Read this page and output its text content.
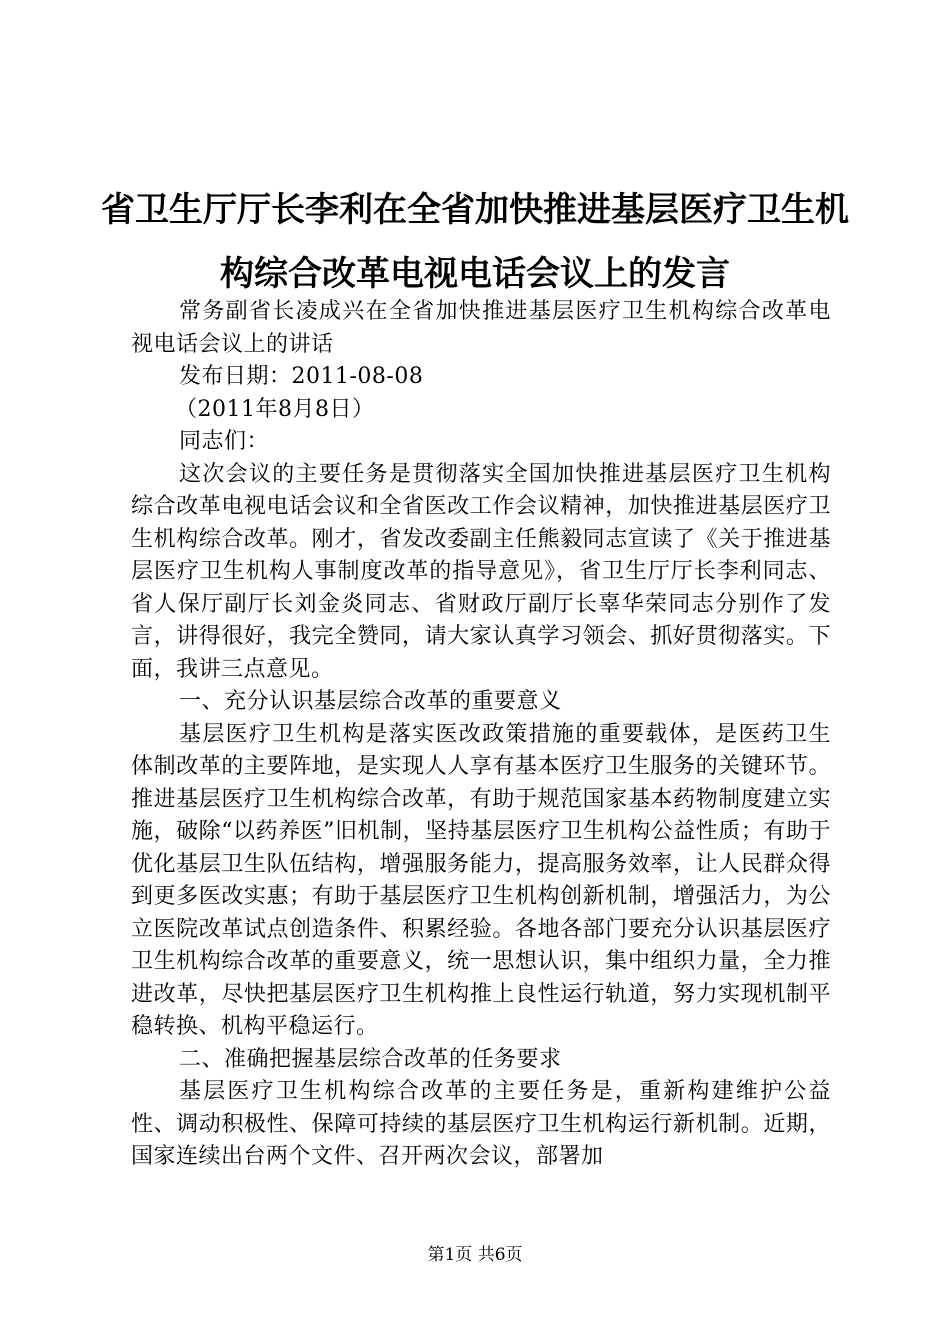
省卫生厅厅长李利在全省加快推进基层医疗卫生机构综合改革电视电话会议上的发言

常务副省长凌成兴在全省加快推进基层医疗卫生机构综合改革电视电话会议上的讲话

发布日期：2011-08-08

（2011年8月8日）

同志们：

这次会议的主要任务是贯彻落实全国加快推进基层医疗卫生机构综合改革电视电话会议和全省医改工作会议精神，加快推进基层医疗卫生机构综合改革。刚才，省发改委副主任熊毅同志宣读了《关于推进基层医疗卫生机构人事制度改革的指导意见》，省卫生厅厅长李利同志、省人保厅副厅长刘金炎同志、省财政厅副厅长辜华荣同志分别作了发言，讲得很好，我完全赞同，请大家认真学习领会、抓好贯彻落实。下面，我讲三点意见。

一、充分认识基层综合改革的重要意义

基层医疗卫生机构是落实医改政策措施的重要载体，是医药卫生体制改革的主要阵地，是实现人人享有基本医疗卫生服务的关键环节。推进基层医疗卫生机构综合改革，有助于规范国家基本药物制度建立实施，破除“以药养医”旧机制，坚持基层医疗卫生机构公益性质；有助于优化基层卫生队伍结构，增强服务能力，提高服务效率，让人民群众得到更多医改实惠；有助于基层医疗卫生机构创新机制，增强活力，为公立医院改革试点创造条件、积累经验。各地各部门要充分认识基层医疗卫生机构综合改革的重要意义，统一思想认识，集中组织力量，全力推进改革，尽快把基层医疗卫生机构推上良性运行轨道，努力实现机制平稳转换、机构平稳运行。

二、准确把握基层综合改革的任务要求

基层医疗卫生机构综合改革的主要任务是，重新构建维护公益性、调动积极性、保障可持续的基层医疗卫生机构运行新机制。近期，国家连续出台两个文件、召开两次会议，部署加

第1页 共6页
